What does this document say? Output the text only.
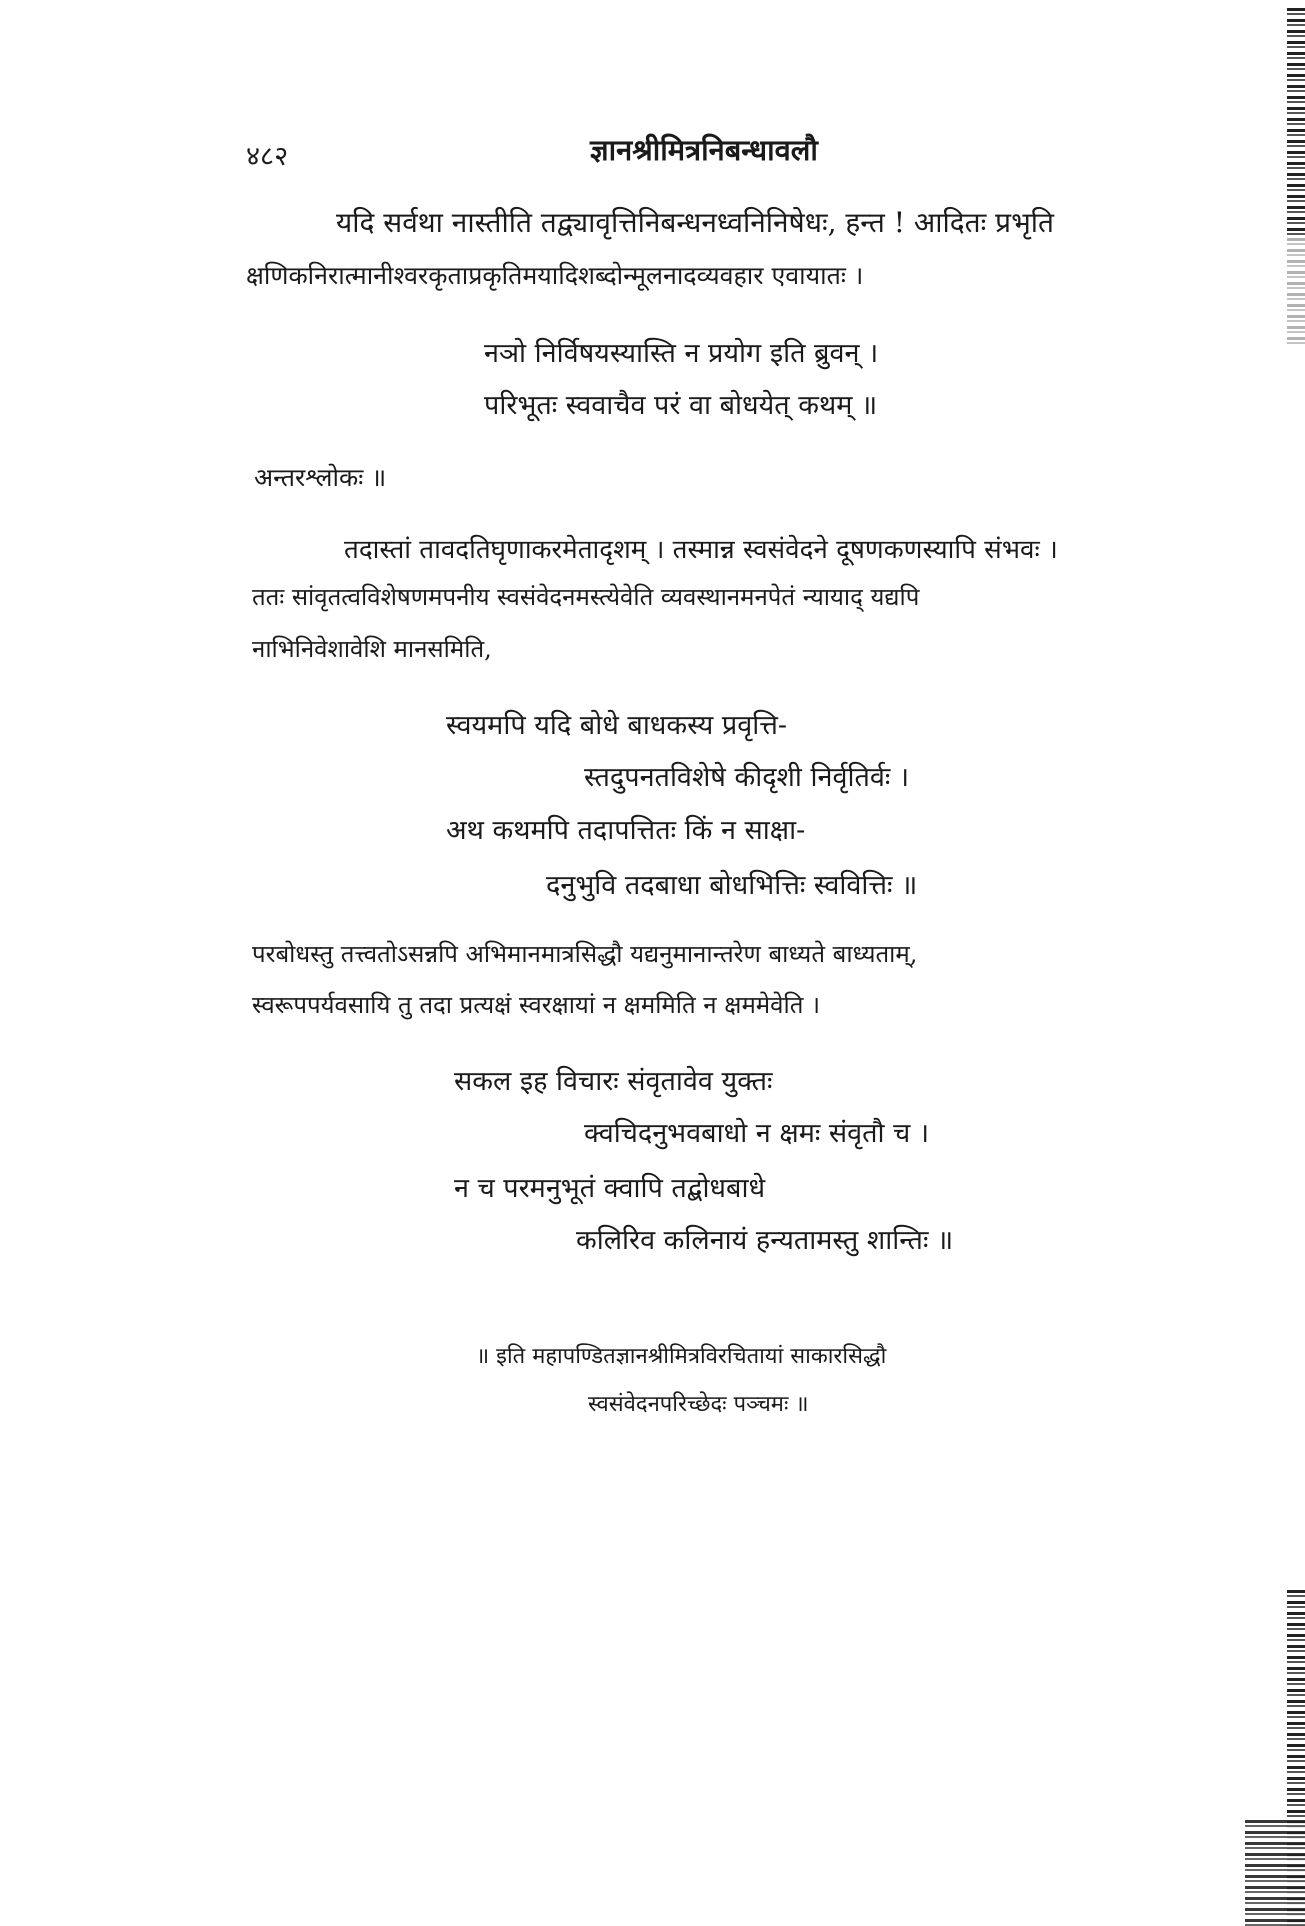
४८२	ज्ञानश्रीमित्रनिबन्धावलौ
यदि सर्वथा नास्तीति तद्व्यावृत्तिनिबन्धनध्वनिनिषेधः, हन्त ! आदितः प्रभृति
क्षणिकनिरात्मानीश्वरकृताप्रकृतिमयादिशब्दोन्मूलनादव्यवहार एवायातः ।
नञो निर्विषयस्यास्ति न प्रयोग इति ब्रुवन् ।
परिभूतः स्ववाचैव परं वा बोधयेत् कथम् ॥
अन्तरश्लोकः ॥
तदास्तां तावदतिघृणाकरमेतादृशम् । तस्मान्न स्वसंवेदने दूषणकणस्यापि संभवः ।
ततः सांवृतत्वविशेषणमपनीय स्वसंवेदनमस्त्येवेति व्यवस्थानमनपेतं न्यायाद् यद्यपि
नाभिनिवेशावेशि मानसमिति,
स्वयमपि यदि बोधे बाधकस्य प्रवृत्ति-
स्तदुपनतविशेषे कीदृशी निर्वृतिर्वः ।
अथ कथमपि तदापत्तितः किं न साक्षा-
दनुभुवि तदबाधा बोधभित्तिः स्ववित्तिः ॥
परबोधस्तु तत्त्वतोऽसन्नपि अभिमानमात्रसिद्धौ यद्यनुमानान्तरेण बाध्यते बाध्यताम्,
स्वरूपपर्यवसायि तु तदा प्रत्यक्षं स्वरक्षायां न क्षममिति न क्षममेवेति ।
सकल इह विचारः संवृतावेव युक्तः
क्वचिदनुभवबाधो न क्षमः संवृतौ च ।
न च परमनुभूतं क्वापि तद्बोधबाधे
कलिरिव कलिनायं हन्यतामस्तु शान्तिः ॥
॥ इति महापण्डितज्ञानश्रीमित्रविरचितायां साकारसिद्धौ
स्वसंवेदनपरिच्छेदः पञ्चमः ॥
